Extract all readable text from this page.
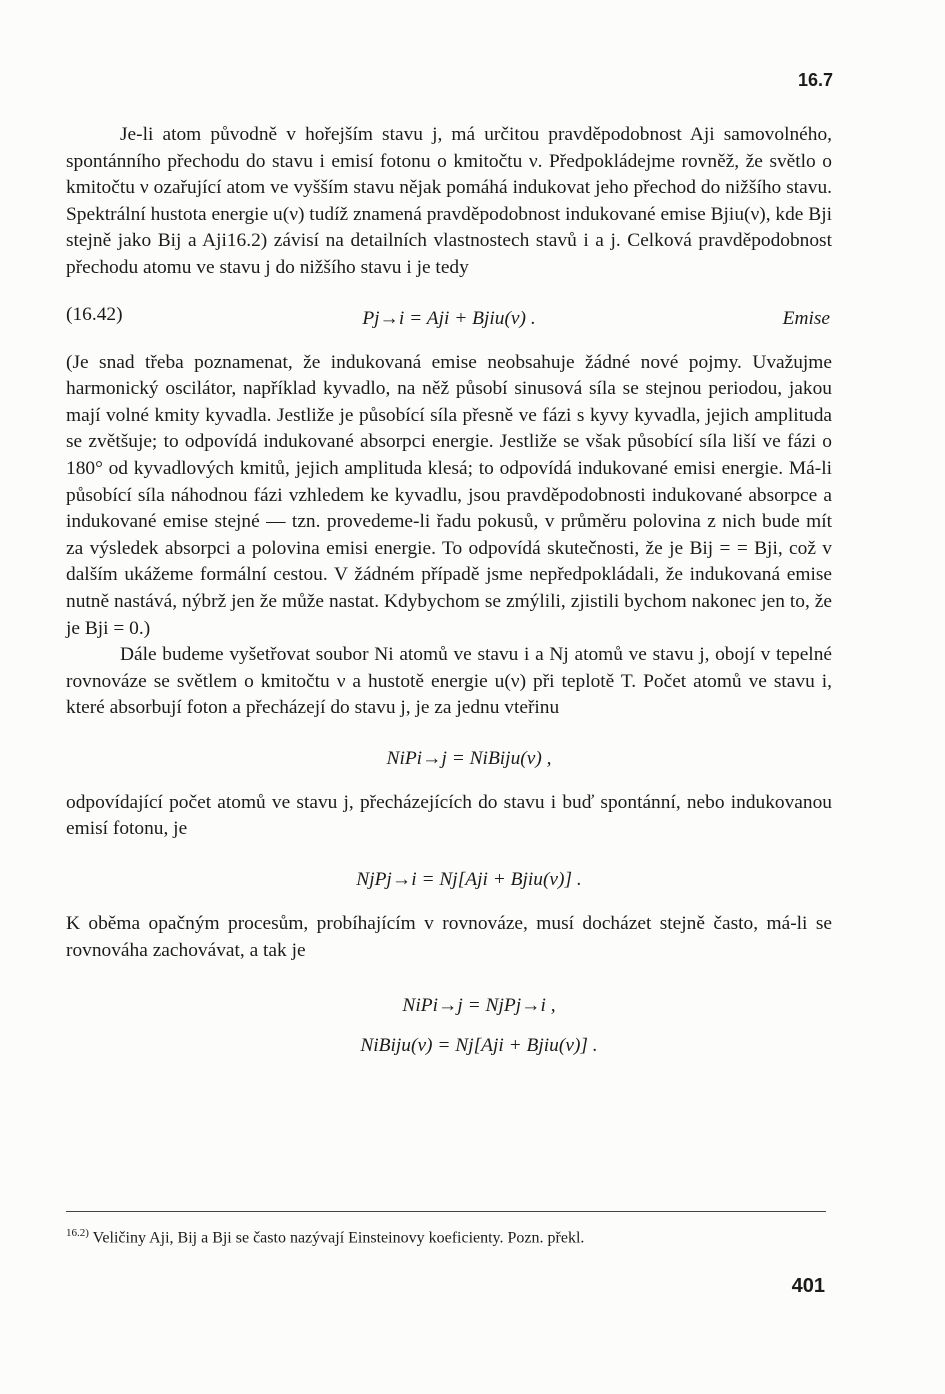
16.7

Je-li atom původně v hořejším stavu j, má určitou pravděpodobnost Aji samovolného, spontánního přechodu do stavu i emisí fotonu o kmitočtu ν. Předpokládejme rovněž, že světlo o kmitočtu ν ozařující atom ve vyšším stavu nějak pomáhá indukovat jeho přechod do nižšího stavu. Spektrální hustota energie u(ν) tudíž znamená pravděpodobnost indukované emise Bjiu(ν), kde Bji stejně jako Bij a Aji16.2) závisí na detailních vlastnostech stavů i a j. Celková pravděpodobnost přechodu atomu ve stavu j do nižšího stavu i je tedy

(16.42)	Pj→i = Aji + Bjiu(ν) .	Emise

(Je snad třeba poznamenat, že indukovaná emise neobsahuje žádné nové pojmy. Uvažujme harmonický oscilátor, například kyvadlo, na něž působí sinusová síla se stejnou periodou, jakou mají volné kmity kyvadla. Jestliže je působící síla přesně ve fázi s kyvy kyvadla, jejich amplituda se zvětšuje; to odpovídá indukované absorpci energie. Jestliže se však působící síla liší ve fázi o 180° od kyvadlových kmitů, jejich amplituda klesá; to odpovídá indukované emisi energie. Má-li působící síla náhodnou fázi vzhledem ke kyvadlu, jsou pravděpodobnosti indukované absorpce a indukované emise stejné — tzn. provedeme-li řadu pokusů, v průměru polovina z nich bude mít za výsledek absorpci a polovina emisi energie. To odpovídá skutečnosti, že je Bij = = Bji, což v dalším ukážeme formální cestou. V žádném případě jsme nepředpokládali, že indukovaná emise nutně nastává, nýbrž jen že může nastat. Kdybychom se zmýlili, zjistili bychom nakonec jen to, že je Bji = 0.)

Dále budeme vyšetřovat soubor Ni atomů ve stavu i a Nj atomů ve stavu j, obojí v tepelné rovnováze se světlem o kmitočtu ν a hustotě energie u(ν) při teplotě T. Počet atomů ve stavu i, které absorbují foton a přecházejí do stavu j, je za jednu vteřinu

NiPi→j = NiBiju(ν) ,

odpovídající počet atomů ve stavu j, přecházejících do stavu i buď spontánní, nebo indukovanou emisí fotonu, je

NjPj→i = Nj[Aji + Bjiu(ν)] .

K oběma opačným procesům, probíhajícím v rovnováze, musí docházet stejně často, má-li se rovnováha zachovávat, a tak je

NiPi→j = NjPj→i ,
NiBiju(ν) = Nj[Aji + Bjiu(ν)] .
$^{16.2)}$ Veličiny Aji, Bij a Bji se často nazývají Einsteinovy koeficienty. Pozn. překl.
401
